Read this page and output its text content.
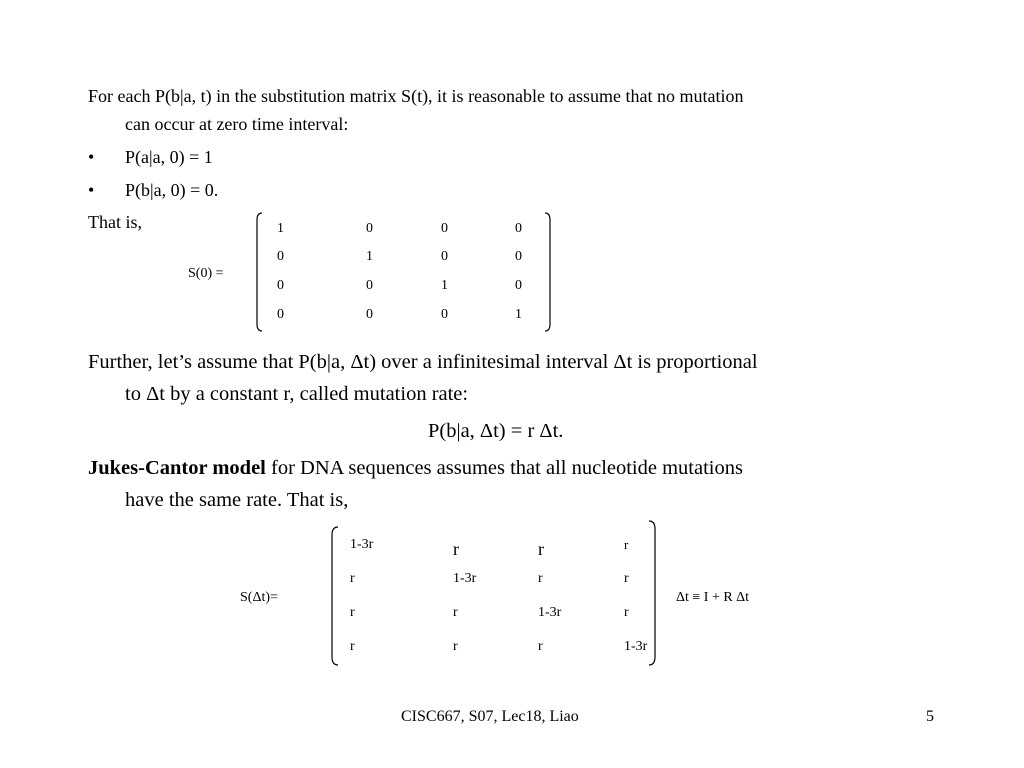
For each P(b|a, t) in the substitution matrix S(t), it is reasonable to assume that no mutation
can occur at zero time interval:
• P(a|a, 0) = 1
• P(b|a, 0) = 0.
That is,
S(0) =
1	0	0	0
0	1	0	0
0	0	1	0
0	0	0	1
Further, let’s assume that P(b|a, Δt) over a infinitesimal interval Δt is proportional
to Δt by a constant r, called mutation rate:
P(b|a, Δt) = r Δt.
Jukes-Cantor model for DNA sequences assumes that all nucleotide mutations
have the same rate. That is,
S(Δt)=
1-3r	r	r	r
r	1-3r	r	r
r	r	1-3r	r
r	r	r	1-3r
Δt ≡ I + R Δt
CISC667, S07, Lec18, Liao	5
